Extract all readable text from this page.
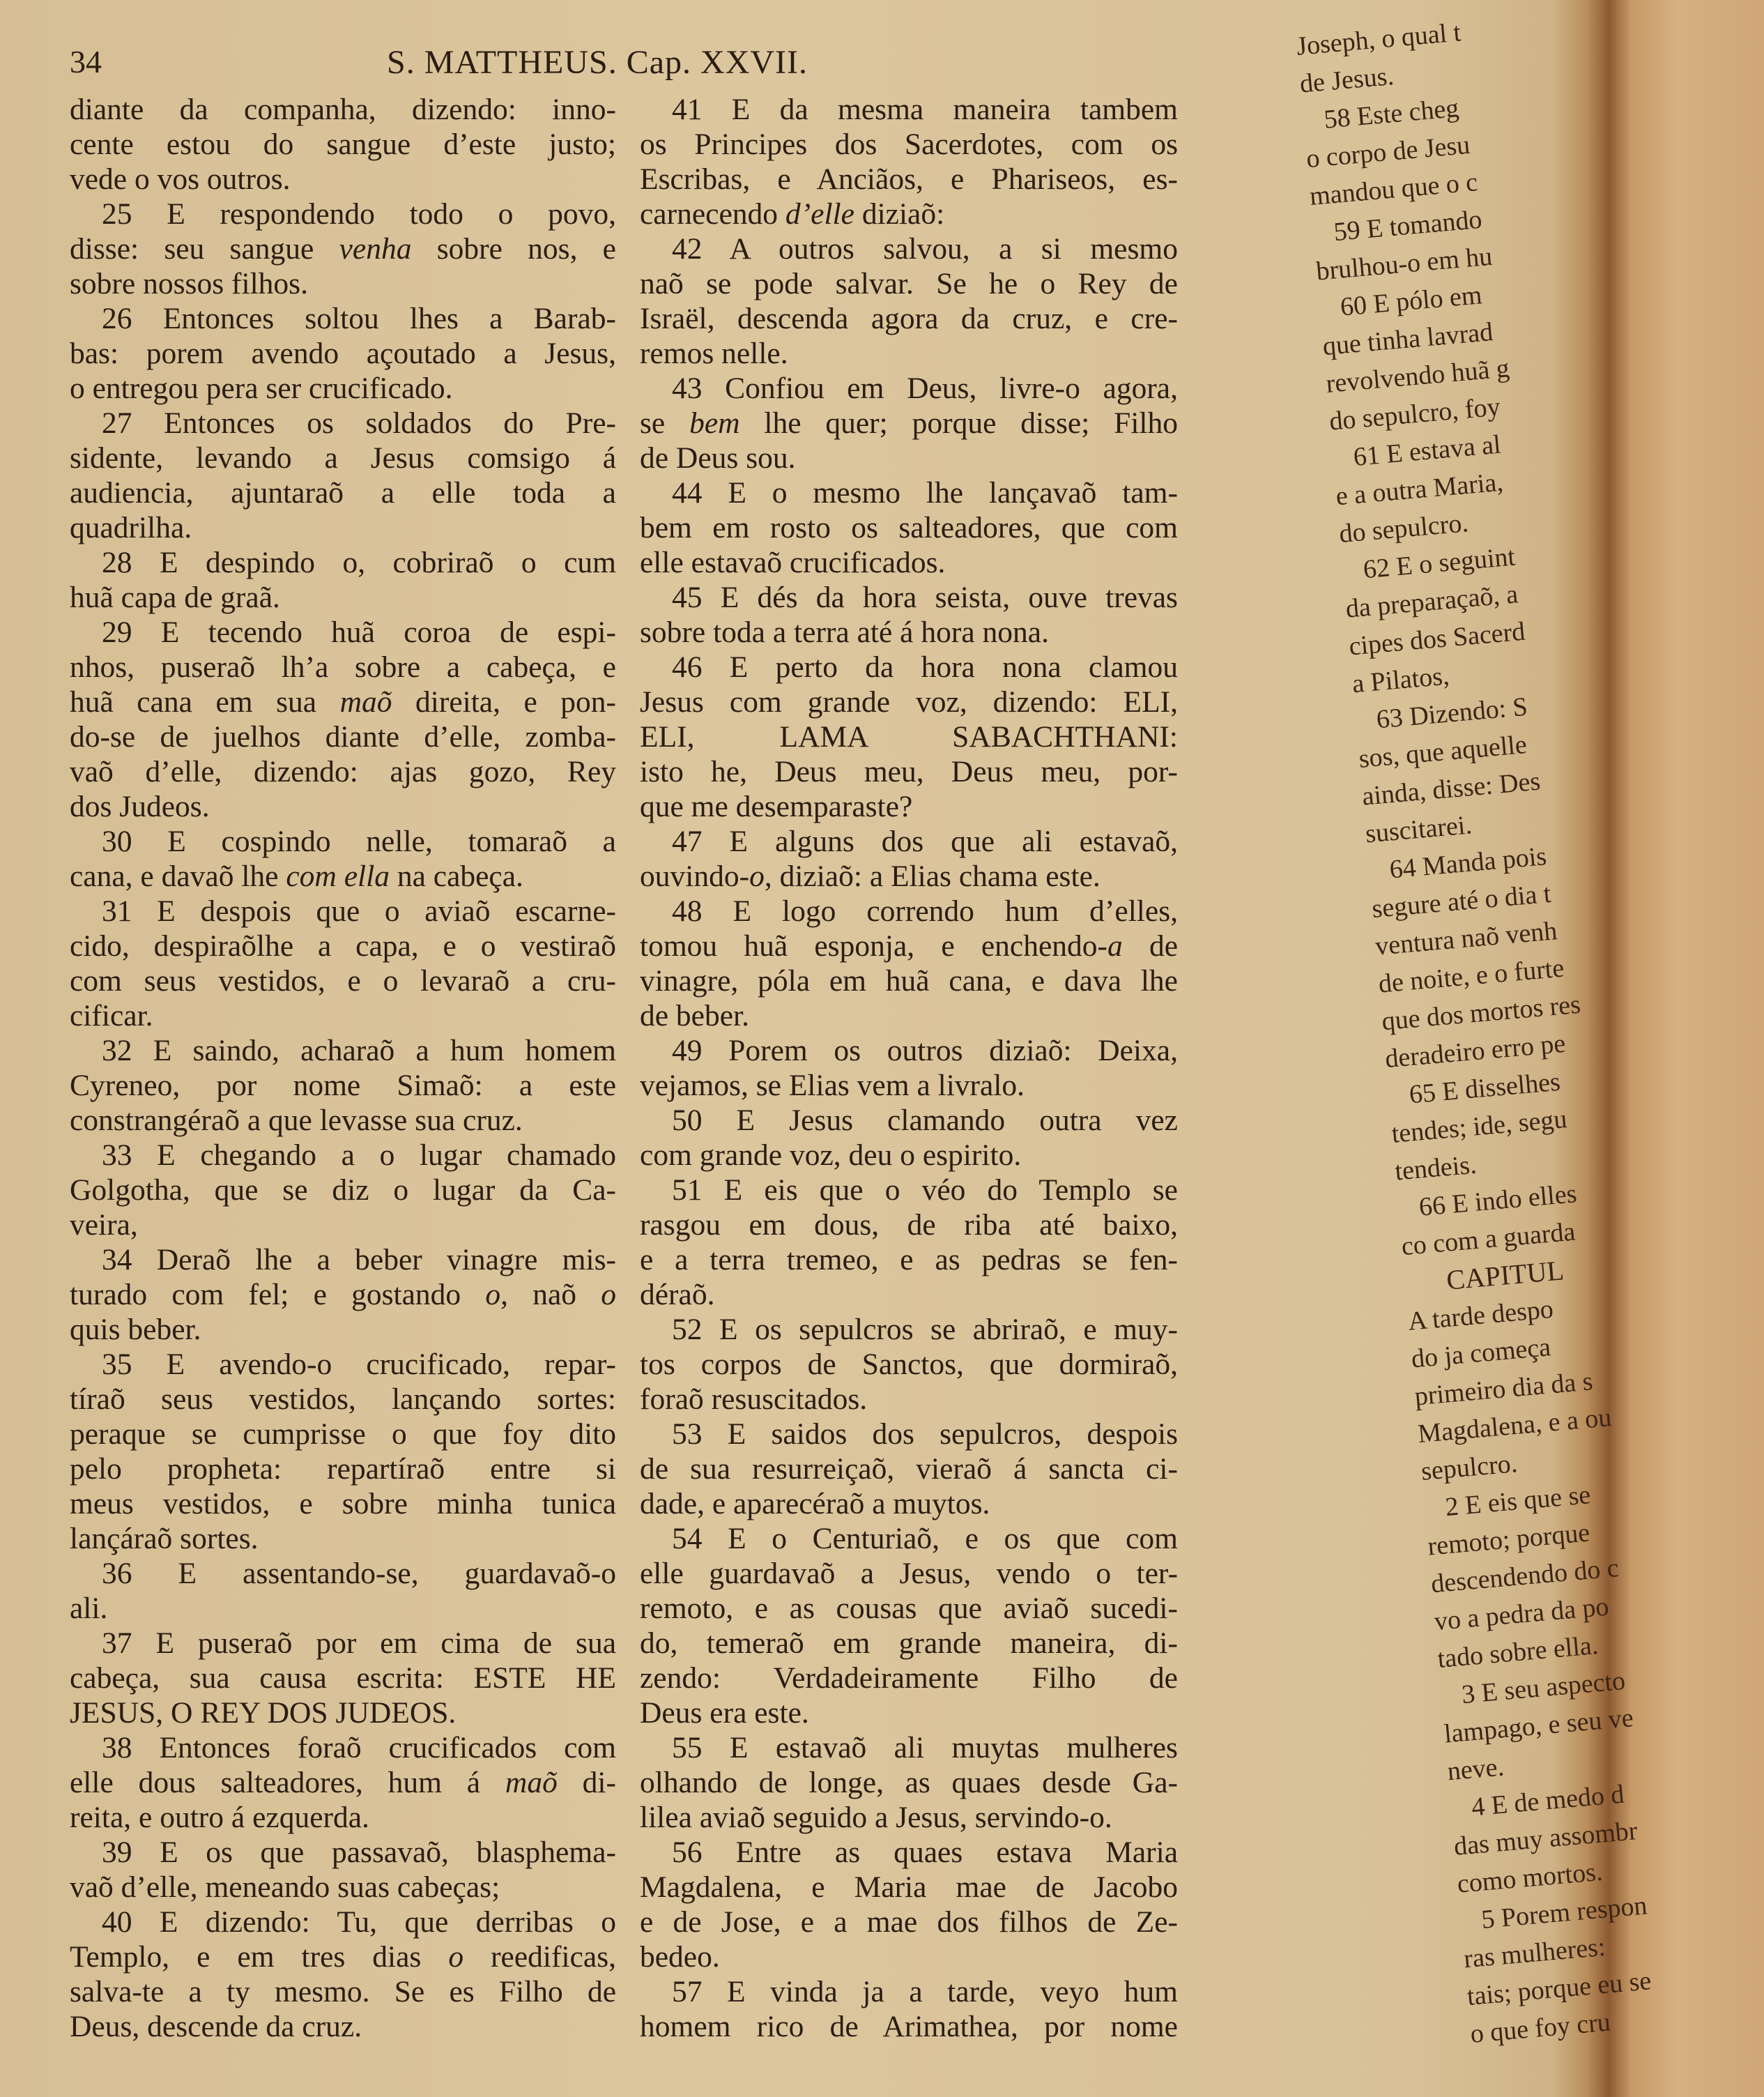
34	S. MATTHEUS. Cap. XXVII.
diante da companha, dizendo: inno-
cente estou do sangue d’este justo;
vede o vos outros.
25 E respondendo todo o povo,
disse: seu sangue venha sobre nos, e
sobre nossos filhos.
26 Entonces soltou lhes a Barab-
bas: porem avendo açoutado a Jesus,
o entregou pera ser crucificado.
27 Entonces os soldados do Pre-
sidente, levando a Jesus comsigo á
audiencia, ajuntaraõ a elle toda a
quadrilha.
28 E despindo o, cobriraõ o cum
huã capa de graã.
29 E tecendo huã coroa de espi-
nhos, puseraõ lh’a sobre a cabeça, e
huã cana em sua maõ direita, e pon-
do-se de juelhos diante d’elle, zomba-
vaõ d’elle, dizendo: ajas gozo, Rey
dos Judeos.
30 E cospindo nelle, tomaraõ a
cana, e davaõ lhe com ella na cabeça.
31 E despois que o aviaõ escarne-
cido, despiraõlhe a capa, e o vestiraõ
com seus vestidos, e o levaraõ a cru-
cificar.
32 E saindo, acharaõ a hum homem
Cyreneo, por nome Simaõ: a este
constrangéraõ a que levasse sua cruz.
33 E chegando a o lugar chamado
Golgotha, que se diz o lugar da Ca-
veira,
34 Deraõ lhe a beber vinagre mis-
turado com fel; e gostando o, naõ o
quis beber.
35 E avendo-o crucificado, repar-
tíraõ seus vestidos, lançando sortes:
peraque se cumprisse o que foy dito
pelo propheta: repartíraõ entre si
meus vestidos, e sobre minha tunica
lançáraõ sortes.
36 E assentando-se, guardavaõ-o
ali.
37 E puseraõ por em cima de sua
cabeça, sua causa escrita: ESTE HE
JESUS, O REY DOS JUDEOS.
38 Entonces foraõ crucificados com
elle dous salteadores, hum á maõ di-
reita, e outro á ezquerda.
39 E os que passavaõ, blasphema-
vaõ d’elle, meneando suas cabeças;
40 E dizendo: Tu, que derribas o
Templo, e em tres dias o reedificas,
salva-te a ty mesmo. Se es Filho de
Deus, descende da cruz.
41 E da mesma maneira tambem
os Principes dos Sacerdotes, com os
Escribas, e Anciãos, e Phariseos, es-
carnecendo d’elle diziaõ:
42 A outros salvou, a si mesmo
naõ se pode salvar. Se he o Rey de
Israël, descenda agora da cruz, e cre-
remos nelle.
43 Confiou em Deus, livre-o agora,
se bem lhe quer; porque disse; Filho
de Deus sou.
44 E o mesmo lhe lançavaõ tam-
bem em rosto os salteadores, que com
elle estavaõ crucificados.
45 E dés da hora seista, ouve trevas
sobre toda a terra até á hora nona.
46 E perto da hora nona clamou
Jesus com grande voz, dizendo: ELI,
ELI, LAMA SABACHTHANI:
isto he, Deus meu, Deus meu, por-
que me desemparaste?
47 E alguns dos que ali estavaõ,
ouvindo-o, diziaõ: a Elias chama este.
48 E logo correndo hum d’elles,
tomou huã esponja, e enchendo-a de
vinagre, póla em huã cana, e dava lhe
de beber.
49 Porem os outros diziaõ: Deixa,
vejamos, se Elias vem a livralo.
50 E Jesus clamando outra vez
com grande voz, deu o espirito.
51 E eis que o véo do Templo se
rasgou em dous, de riba até baixo,
e a terra tremeo, e as pedras se fen-
déraõ.
52 E os sepulcros se abriraõ, e muy-
tos corpos de Sanctos, que dormiraõ,
foraõ resuscitados.
53 E saidos dos sepulcros, despois
de sua resurreiçaõ, vieraõ á sancta ci-
dade, e aparecéraõ a muytos.
54 E o Centuriaõ, e os que com
elle guardavaõ a Jesus, vendo o ter-
remoto, e as cousas que aviaõ sucedi-
do, temeraõ em grande maneira, di-
zendo: Verdadeiramente Filho de
Deus era este.
55 E estavaõ ali muytas mulheres
olhando de longe, as quaes desde Ga-
lilea aviaõ seguido a Jesus, servindo-o.
56 Entre as quaes estava Maria
Magdalena, e Maria mae de Jacobo
e de Jose, e a mae dos filhos de Ze-
bedeo.
57 E vinda ja a tarde, veyo hum
homem rico de Arimathea, por nome
Joseph, o qual t
de Jesus.
58 Este cheg
o corpo de Jesu
mandou que o c
59 E tomando
brulhou-o em hu
60 E pólo em
que tinha lavrad
revolvendo huã g
do sepulcro, foy
61 E estava al
e a outra Maria,
do sepulcro.
62 E o seguint
da preparaçaõ, a
cipes dos Sacerd
a Pilatos,
63 Dizendo: S
sos, que aquelle
ainda, disse: Des
suscitarei.
64 Manda pois
segure até o dia t
ventura naõ venh
de noite, e o furte
que dos mortos res
deradeiro erro pe
65 E disselhes
tendes; ide, segu
tendeis.
66 E indo elles
co com a guarda
CAPITUL
A tarde despo
do ja começa
primeiro dia da s
Magdalena, e a ou
sepulcro.
2 E eis que se
remoto; porque
descendendo do c
vo a pedra da po
tado sobre ella.
3 E seu aspecto
lampago, e seu ve
neve.
4 E de medo d
das muy assombr
como mortos.
5 Porem respon
ras mulheres:
tais; porque eu se
o que foy cru
